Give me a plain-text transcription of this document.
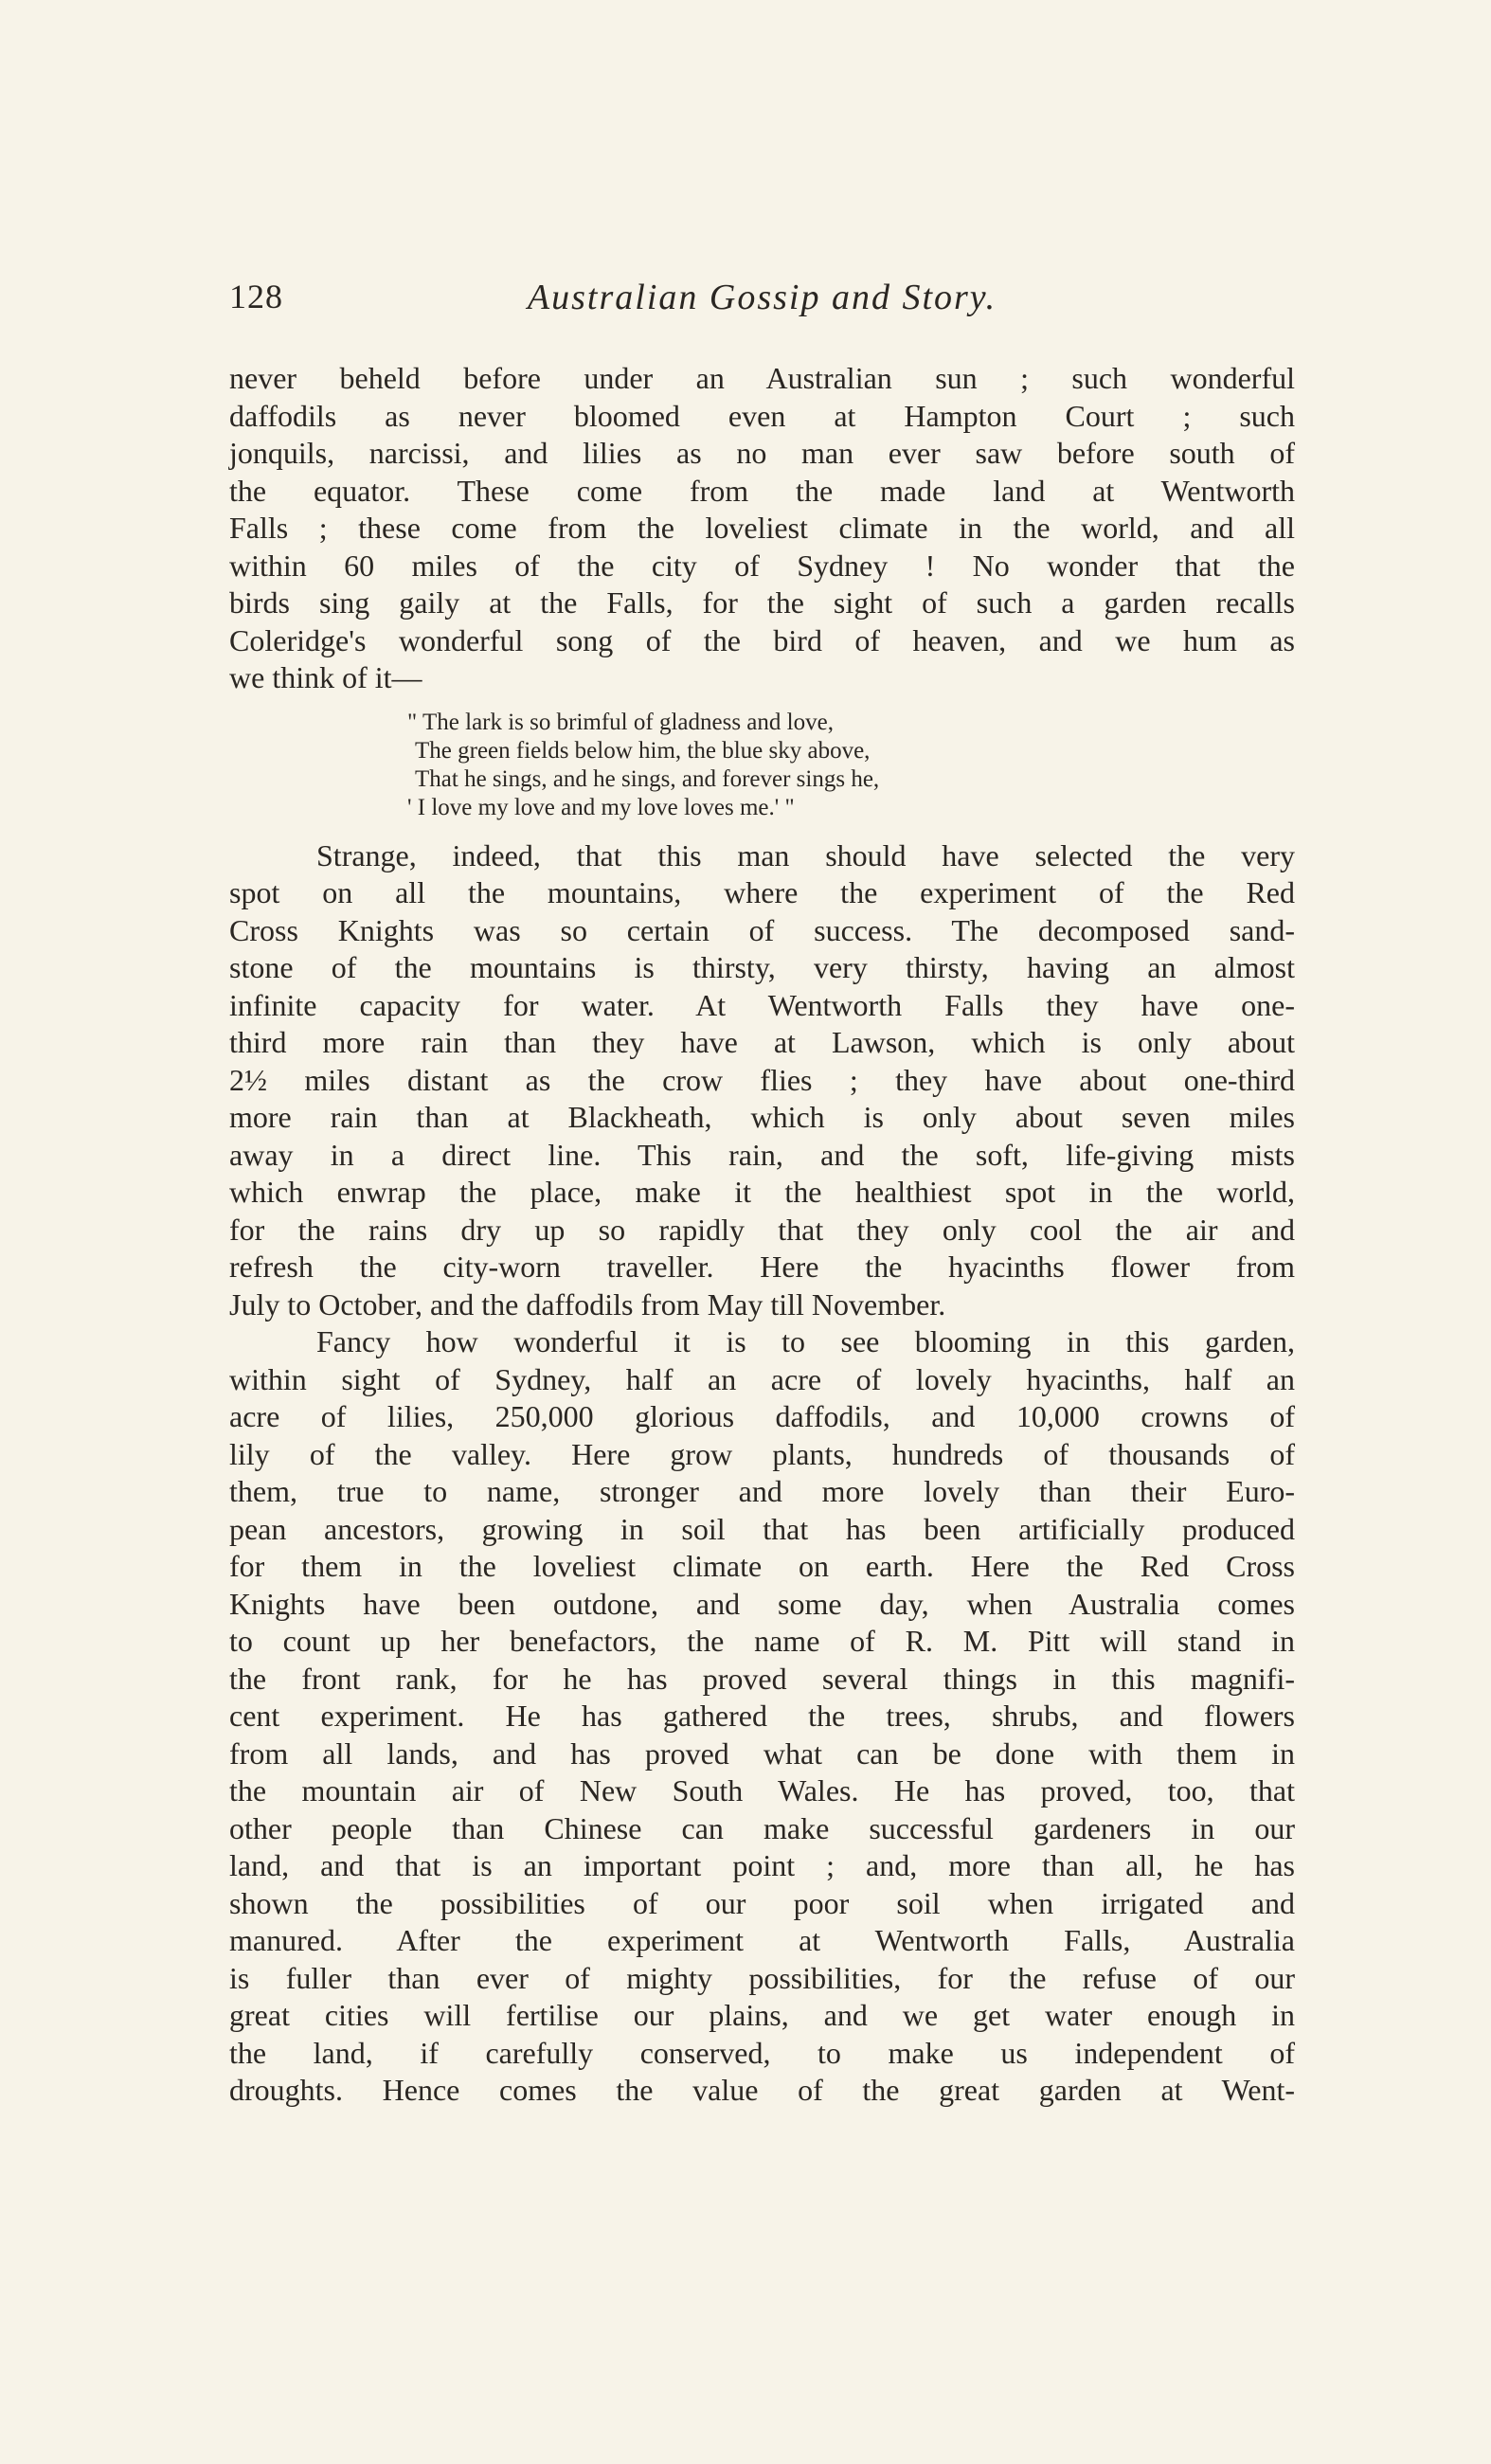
128	Australian Gossip and Story.
never beheld before under an Australian sun ; such wonderful
daffodils as never bloomed even at Hampton Court ; such
jonquils, narcissi, and lilies as no man ever saw before south of
the equator. These come from the made land at Wentworth
Falls ; these come from the loveliest climate in the world, and all
within 60 miles of the city of Sydney ! No wonder that the
birds sing gaily at the Falls, for the sight of such a garden recalls
Coleridge's wonderful song of the bird of heaven, and we hum as
we think of it—
" The lark is so brimful of gladness and love,
The green fields below him, the blue sky above,
That he sings, and he sings, and forever sings he,
' I love my love and my love loves me.' "
Strange, indeed, that this man should have selected the very
spot on all the mountains, where the experiment of the Red
Cross Knights was so certain of success. The decomposed sand-
stone of the mountains is thirsty, very thirsty, having an almost
infinite capacity for water. At Wentworth Falls they have one-
third more rain than they have at Lawson, which is only about
2½ miles distant as the crow flies ; they have about one-third
more rain than at Blackheath, which is only about seven miles
away in a direct line. This rain, and the soft, life-giving mists
which enwrap the place, make it the healthiest spot in the world,
for the rains dry up so rapidly that they only cool the air and
refresh the city-worn traveller. Here the hyacinths flower from
July to October, and the daffodils from May till November.
Fancy how wonderful it is to see blooming in this garden,
within sight of Sydney, half an acre of lovely hyacinths, half an
acre of lilies, 250,000 glorious daffodils, and 10,000 crowns of
lily of the valley. Here grow plants, hundreds of thousands of
them, true to name, stronger and more lovely than their Euro-
pean ancestors, growing in soil that has been artificially produced
for them in the loveliest climate on earth. Here the Red Cross
Knights have been outdone, and some day, when Australia comes
to count up her benefactors, the name of R. M. Pitt will stand in
the front rank, for he has proved several things in this magnifi-
cent experiment. He has gathered the trees, shrubs, and flowers
from all lands, and has proved what can be done with them in
the mountain air of New South Wales. He has proved, too, that
other people than Chinese can make successful gardeners in our
land, and that is an important point ; and, more than all, he has
shown the possibilities of our poor soil when irrigated and
manured. After the experiment at Wentworth Falls, Australia
is fuller than ever of mighty possibilities, for the refuse of our
great cities will fertilise our plains, and we get water enough in
the land, if carefully conserved, to make us independent of
droughts. Hence comes the value of the great garden at Went-
